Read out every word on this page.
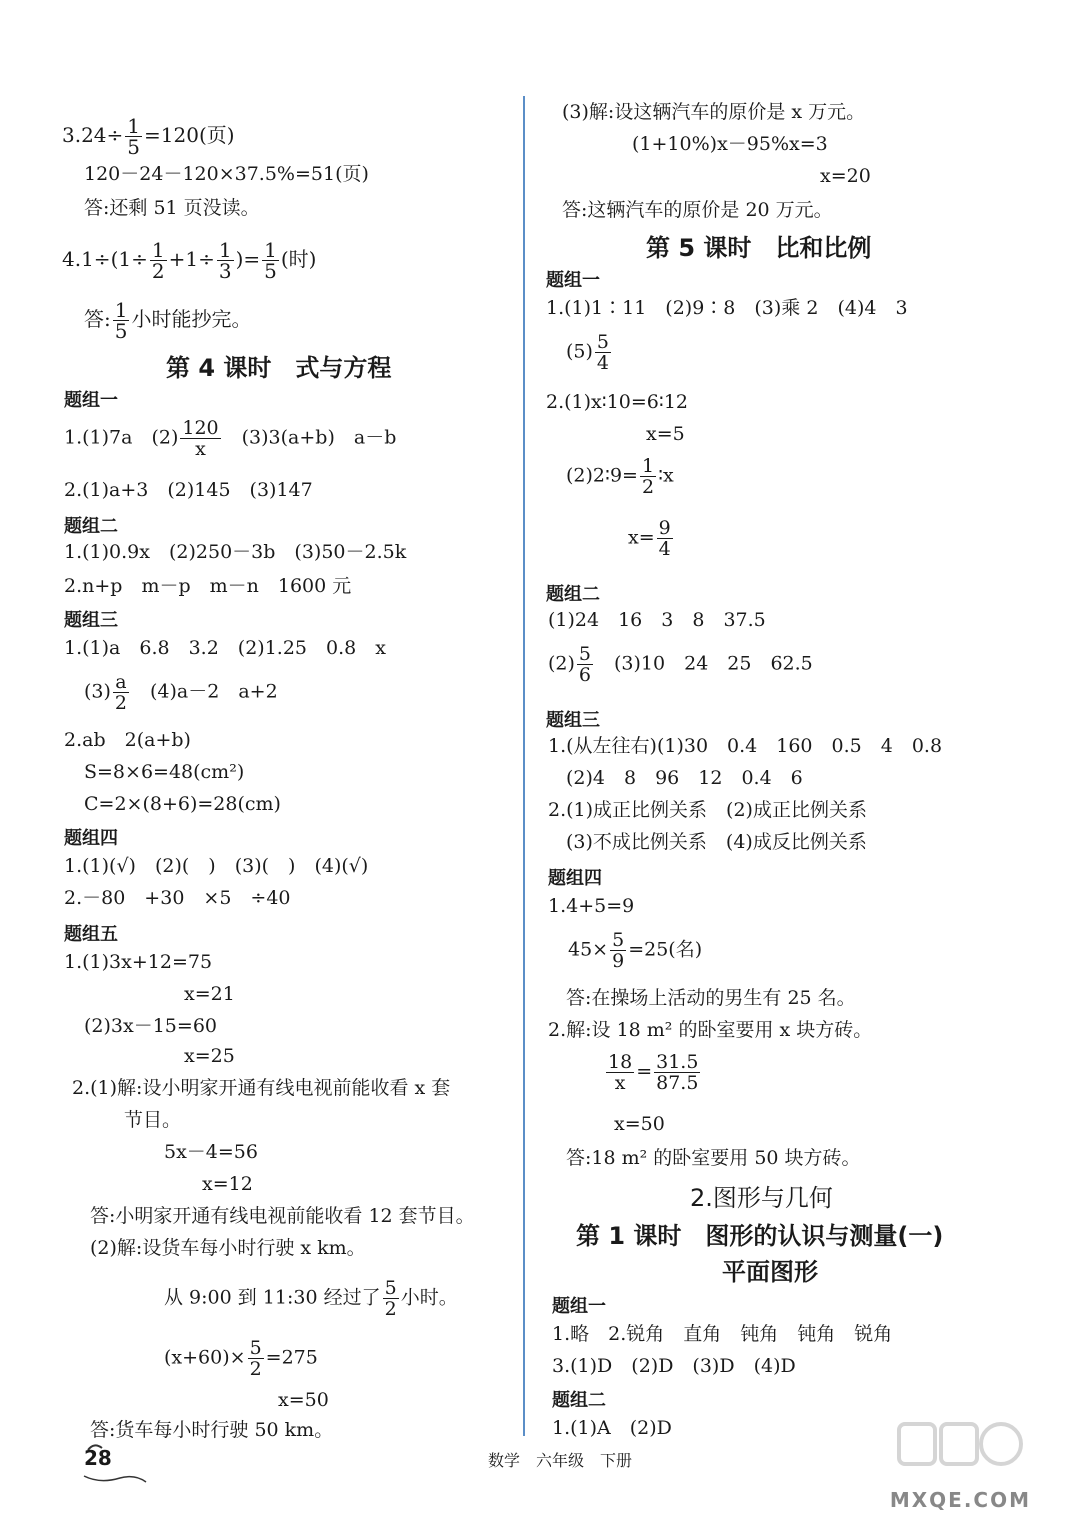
$3.24\div \frac{1}{5} =120$(页)
120－24－120×37.5%=51(页)
答:还剩 51 页没读。
$4.1\div(1\div \frac{1}{2} +1\div \frac{1}{3}$ )= $\frac{1}{5}$ (时)
答: $\frac{1}{5}$ 小时能抄完。
第 4 课时　式与方程
题组一
1.(1)7a　$(2) \frac{120}{x}$ 　(3)3(a+b)　a－b
2.(1)a+3　(2)145　(3)147
题组二
1.(1)0.9x　(2)250－3b　(3)50－2.5k
2.n+p　m－p　m－n　1600 元
题组三
1.(1)a　6.8　3.2　(2)1.25　0.8　x
$(3) \frac{a}{2}$ 　(4)a－2　a+2
2.ab　2(a+b)
S=8×6=48(cm²)
C=2×(8+6)=28(cm)
题组四
1.(1)(√)　(2)(　)　(3)(　)　(4)(√)
2.－80　+30　×5　÷40
题组五
1.(1)3x+12=75
x=21
(2)3x－15=60
x=25
2.(1)解:设小明家开通有线电视前能收看 x 套
节目。
5x－4=56
x=12
答:小明家开通有线电视前能收看 12 套节目。
(2)解:设货车每小时行驶 x km。
从 9:00 到 11:30 经过了 $\frac{5}{2}$ 小时。
$(x+60)\times \frac{5}{2} =275$
x=50
答:货车每小时行驶 50 km。
(3)解:设这辆汽车的原价是 x 万元。
(1+10%)x－95%x=3
x=20
答:这辆汽车的原价是 20 万元。
第 5 课时　比和比例
题组一
1.(1)1∶11　(2)9∶8　(3)乘 2　(4)4　3
$(5) \frac{5}{4}$
2.(1)x∶10=6∶12
x=5
(2)2∶9= $\frac{1}{2}$ ∶x
$x= \frac{9}{4}$
题组二
(1)24　16　3　8　37.5
$(2) \frac{5}{6}$ 　(3)10　24　25　62.5
题组三
1.(从左往右)(1)30　0.4　160　0.5　4　0.8
(2)4　8　96　12　0.4　6
2.(1)成正比例关系　(2)成正比例关系
(3)不成比例关系　(4)成反比例关系
题组四
1.4+5=9
$45\times \frac{5}{9} =25$(名)
答:在操场上活动的男生有 25 名。
2.解:设 18 m² 的卧室要用 x 块方砖。
$\frac{18}{x} = \frac{31.5}{87.5}$
x=50
答:18 m² 的卧室要用 50 块方砖。
2.图形与几何
第 1 课时　图形的认识与测量(一)
平面图形
题组一
1.略　2.锐角　直角　钝角　钝角　锐角
3.(1)D　(2)D　(3)D　(4)D
题组二
1.(1)A　(2)D
28	数学　六年级　下册
MXQE.COM
